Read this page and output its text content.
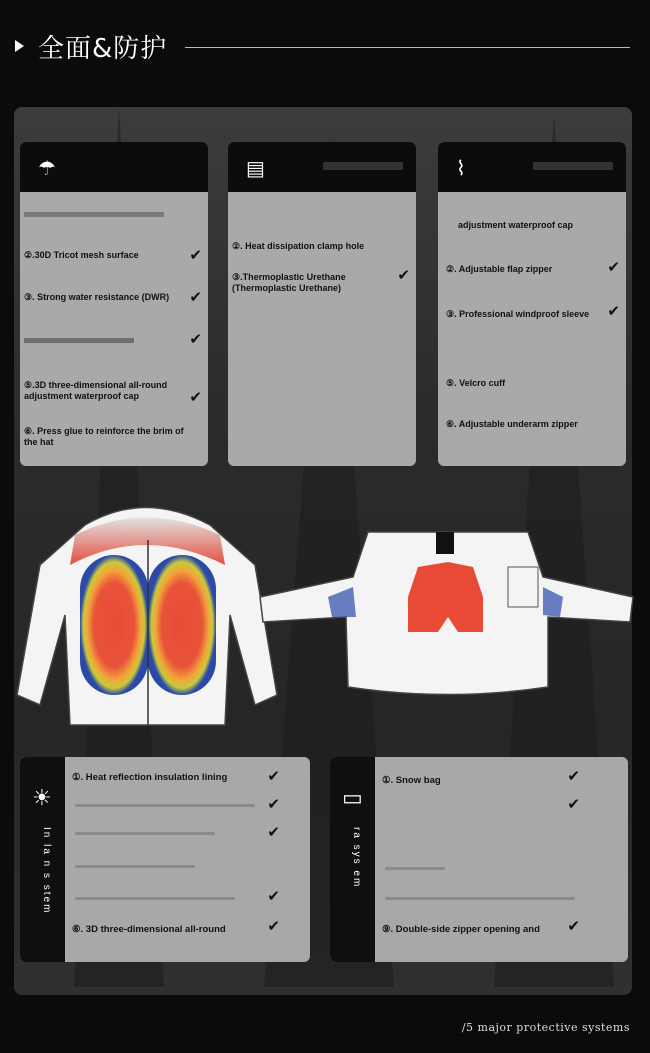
全面&防护
☂
②.30D Tricot mesh surface	✔
③. Strong water resistance (DWR)	✔
✔
⑤.3D three-dimensional all-round adjustment waterproof cap	✔
⑥. Press glue to reinforce the brim of the hat
▤
②. Heat dissipation clamp hole
③.Thermoplastic Urethane (Thermoplastic Urethane)
✔
⌇
adjustment waterproof cap
②. Adjustable flap zipper	✔
③. Professional windproof sleeve	✔
⑤. Velcro cuff
⑥. Adjustable underarm zipper
☀
In la n s stem
①. Heat reflection insulation lining	✔
✔
✔
✔
⑥. 3D three-dimensional all-round	✔
▭
ra sys em
①. Snow bag	✔
✔
⑨. Double-side zipper opening and	✔
/5 major protective systems
